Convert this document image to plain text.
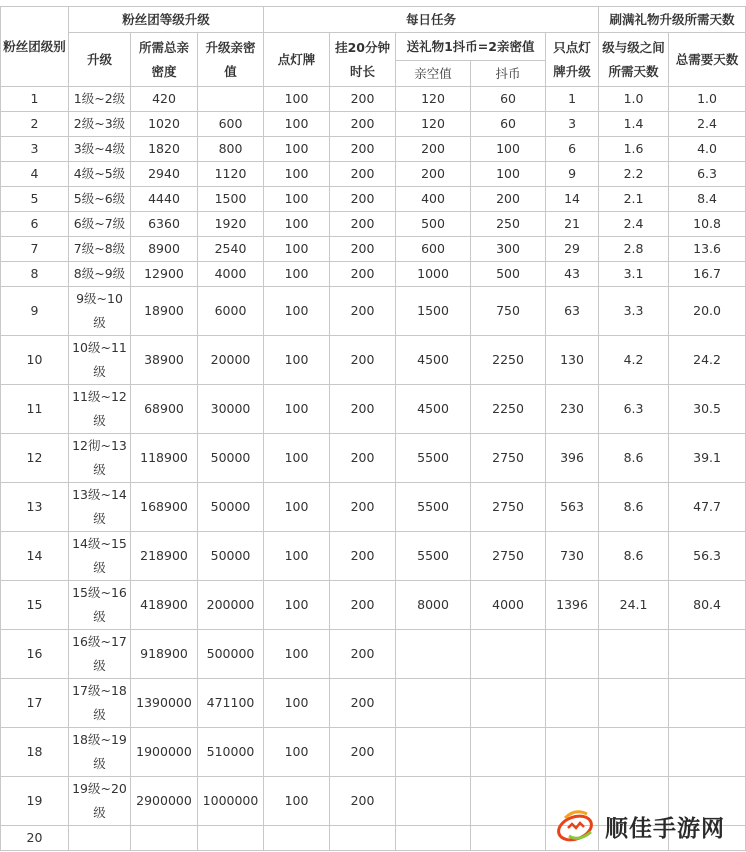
粉丝团级别	粉丝团等级升级			每日任务					刷满礼物升级所需天数	
	升级	所需总亲密度	升级亲密值	点灯牌	挂20分钟时长	送礼物1抖币=2亲密值		只点灯牌升级	级与级之间所需天数	总需要天数
						亲空值	抖币			
1	1级~2级	420		100	200	120	60	1	1.0	1.0
2	2级~3级	1020	600	100	200	120	60	3	1.4	2.4
3	3级~4级	1820	800	100	200	200	100	6	1.6	4.0
4	4级~5级	2940	1120	100	200	200	100	9	2.2	6.3
5	5级~6级	4440	1500	100	200	400	200	14	2.1	8.4
6	6级~7级	6360	1920	100	200	500	250	21	2.4	10.8
7	7级~8级	8900	2540	100	200	600	300	29	2.8	13.6
8	8级~9级	12900	4000	100	200	1000	500	43	3.1	16.7
9	9级~10级	18900	6000	100	200	1500	750	63	3.3	20.0
10	10级~11级	38900	20000	100	200	4500	2250	130	4.2	24.2
11	11级~12级	68900	30000	100	200	4500	2250	230	6.3	30.5
12	12彻~13级	118900	50000	100	200	5500	2750	396	8.6	39.1
13	13级~14级	168900	50000	100	200	5500	2750	563	8.6	47.7
14	14级~15级	218900	50000	100	200	5500	2750	730	8.6	56.3
15	15级~16级	418900	200000	100	200	8000	4000	1396	24.1	80.4
16	16级~17级	918900	500000	100	200					
17	17级~18级	1390000	471100	100	200					
18	18级~19级	1900000	510000	100	200					
19	19级~20级	2900000	1000000	100	200					
20											顺佳手游网
